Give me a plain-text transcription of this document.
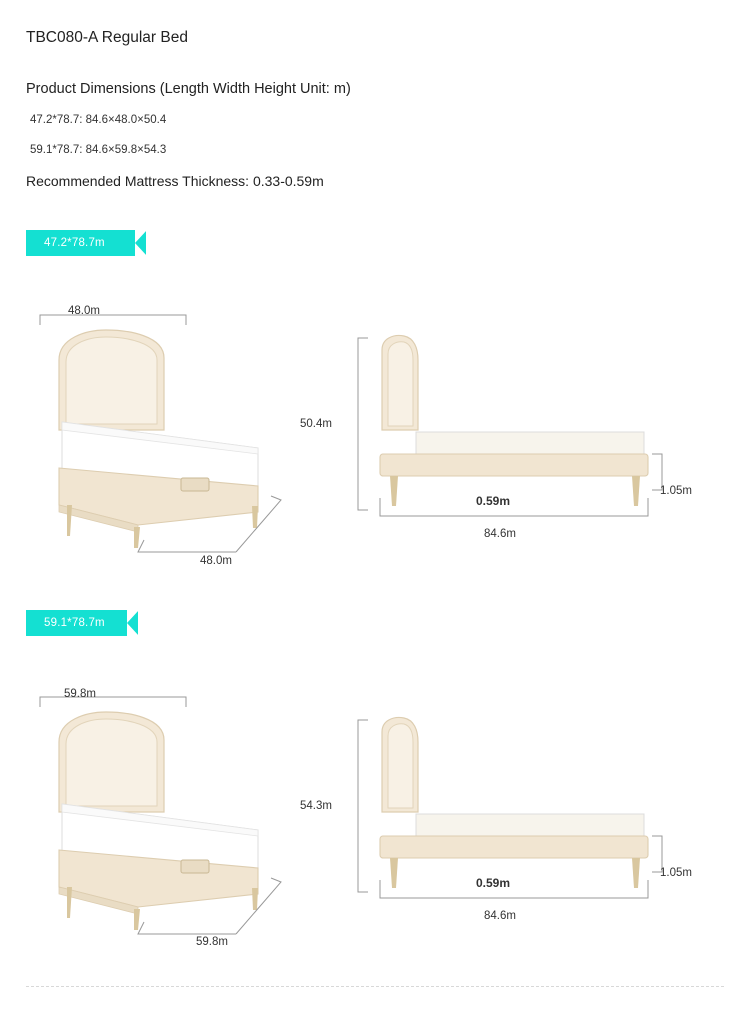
TBC080-A Regular Bed
Product Dimensions (Length Width Height Unit: m)
47.2*78.7: 84.6×48.0×50.4
59.1*78.7: 84.6×59.8×54.3
Recommended Mattress Thickness: 0.33-0.59m
47.2*78.7m
48.0m
48.0m
50.4m
0.59m
84.6m
1.05m
59.1*78.7m
59.8m
59.8m
54.3m
0.59m
84.6m
1.05m
